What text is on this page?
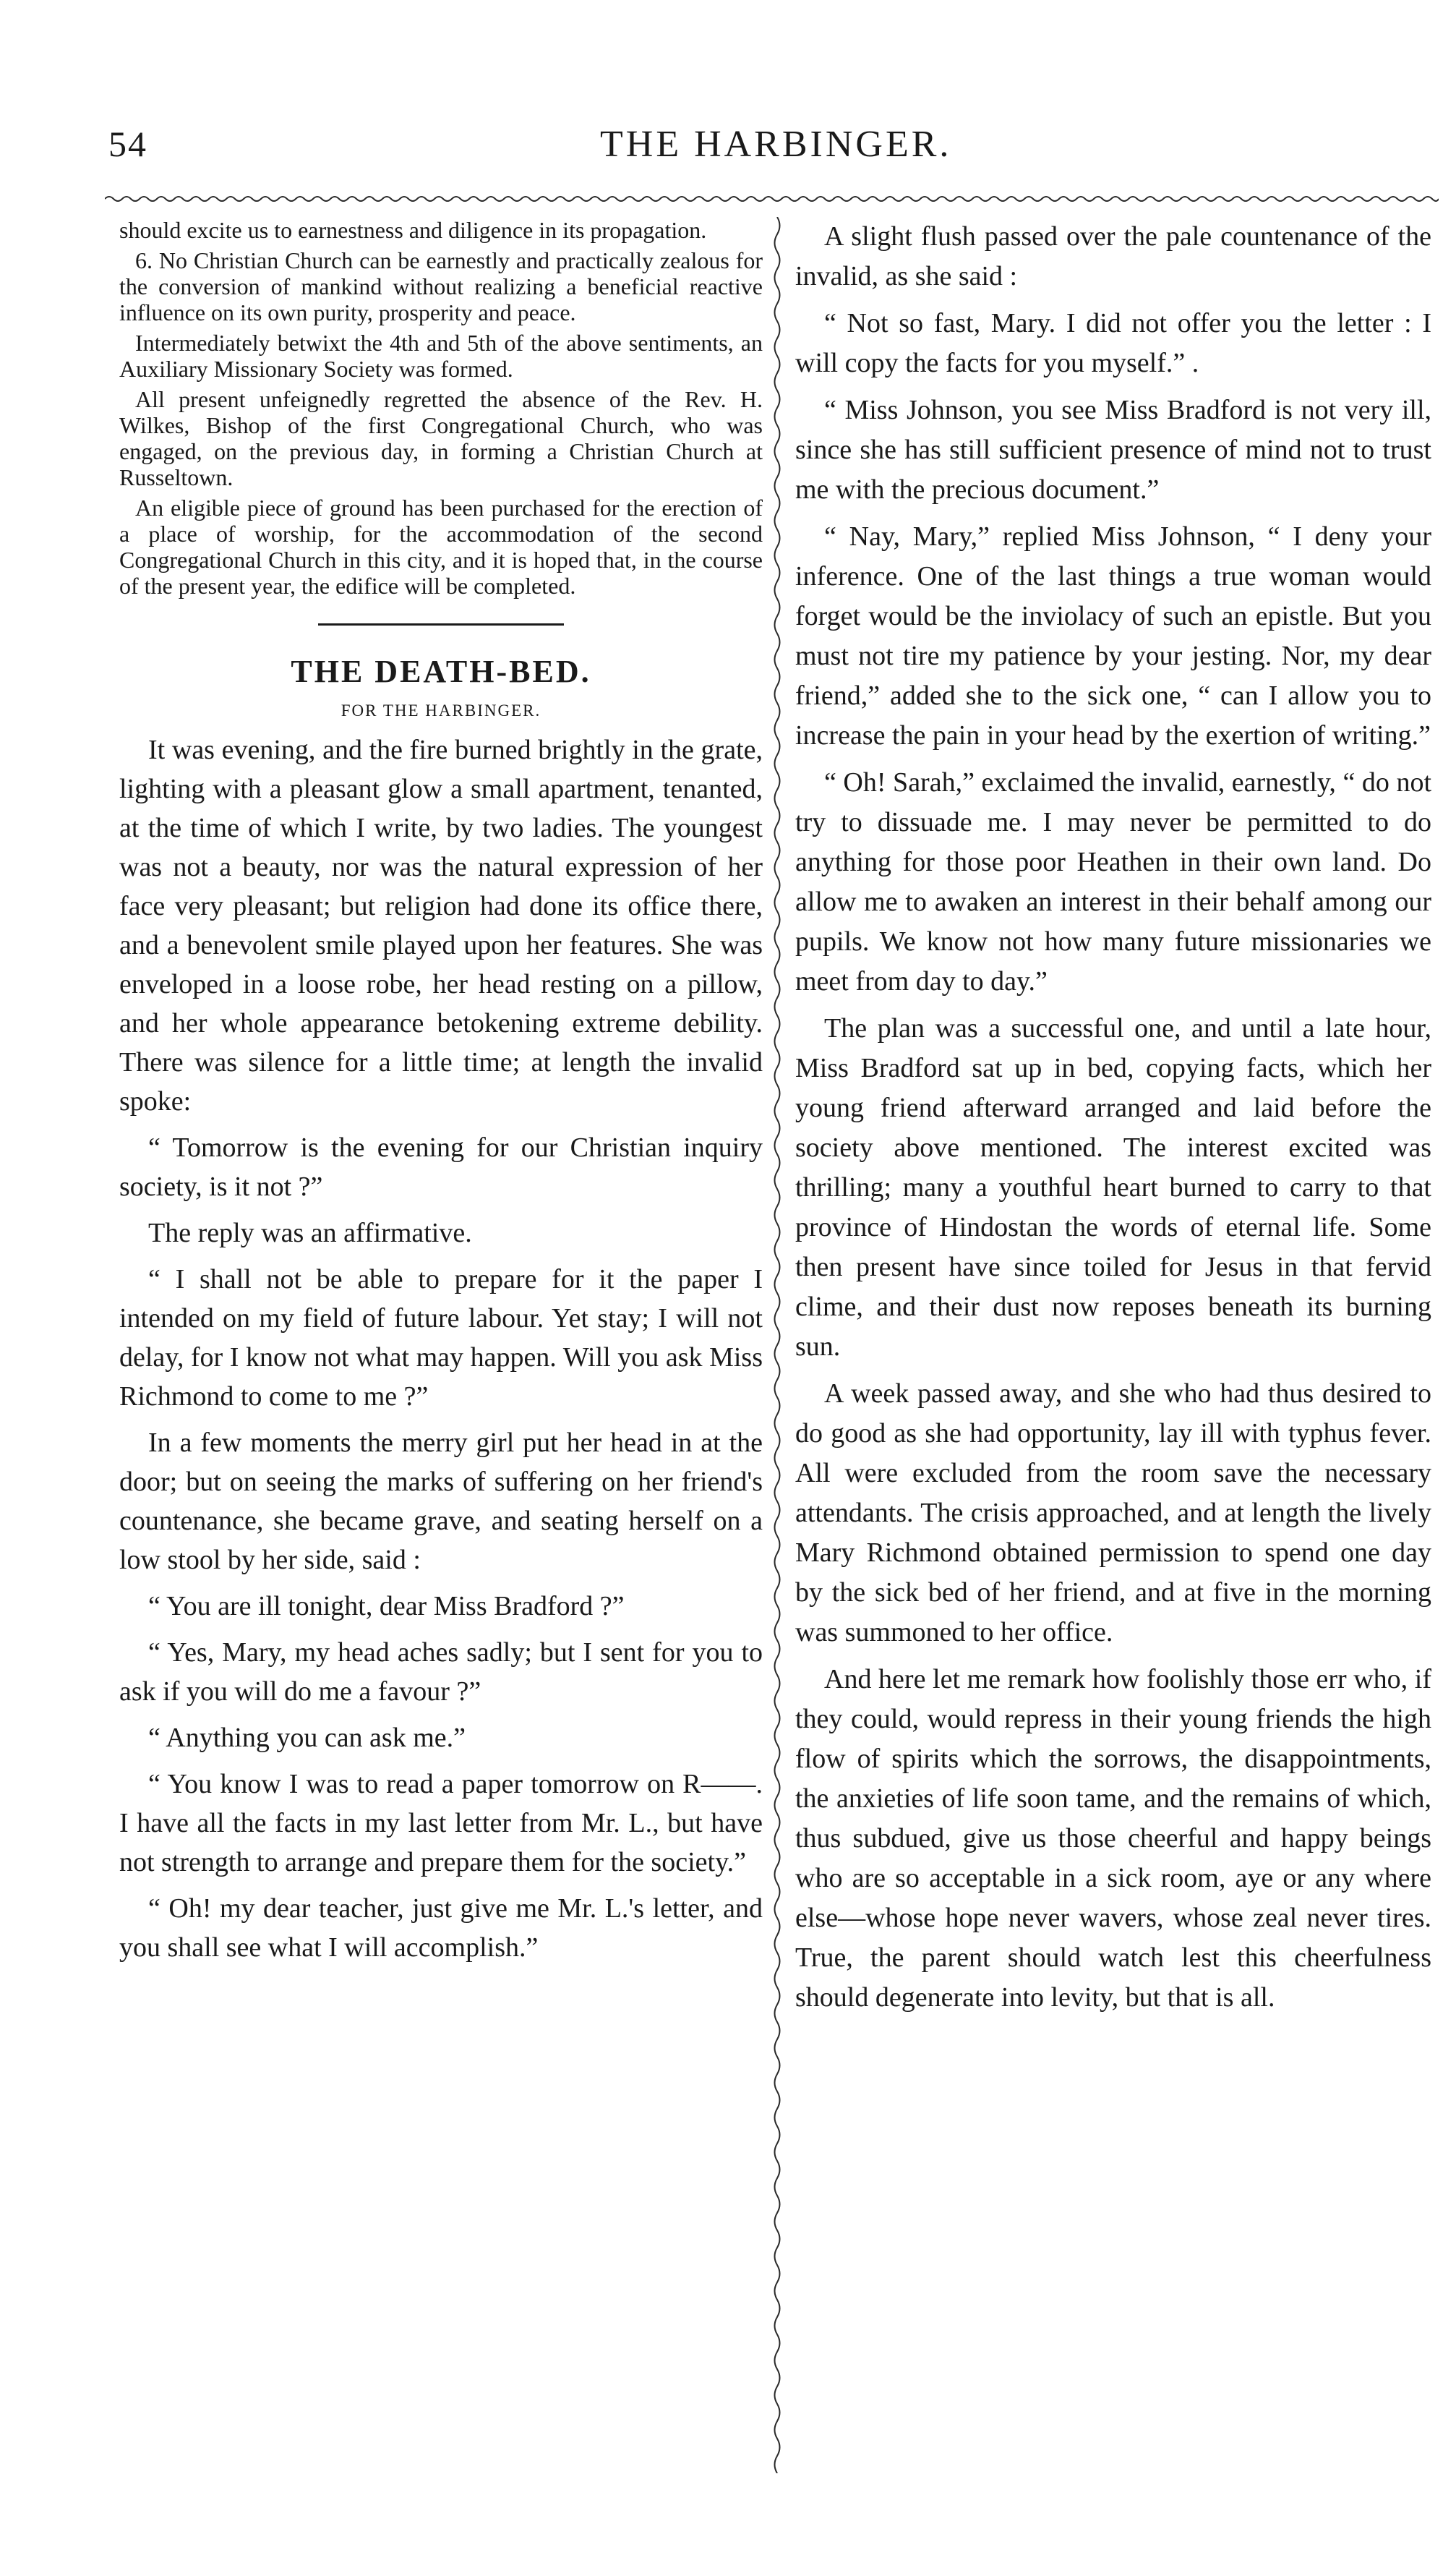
54	THE HARBINGER.

should excite us to earnestness and diligence in its propagation.

6. No Christian Church can be earnestly and practically zealous for the conversion of mankind without realizing a beneficial reactive influence on its own purity, prosperity and peace.

Intermediately betwixt the 4th and 5th of the above sentiments, an Auxiliary Missionary Society was formed.

All present unfeignedly regretted the absence of the Rev. H. Wilkes, Bishop of the first Congregational Church, who was engaged, on the previous day, in forming a Christian Church at Russeltown.

An eligible piece of ground has been purchased for the erection of a place of worship, for the accommodation of the second Congregational Church in this city, and it is hoped that, in the course of the present year, the edifice will be completed.

THE DEATH-BED.
FOR THE HARBINGER.

It was evening, and the fire burned brightly in the grate, lighting with a pleasant glow a small apartment, tenanted, at the time of which I write, by two ladies. The youngest was not a beauty, nor was the natural expression of her face very pleasant; but religion had done its office there, and a benevolent smile played upon her features. She was enveloped in a loose robe, her head resting on a pillow, and her whole appearance betokening extreme debility. There was silence for a little time; at length the invalid spoke:

“ Tomorrow is the evening for our Christian inquiry society, is it not ?”

The reply was an affirmative.

“ I shall not be able to prepare for it the paper I intended on my field of future labour. Yet stay; I will not delay, for I know not what may happen. Will you ask Miss Richmond to come to me ?”

In a few moments the merry girl put her head in at the door; but on seeing the marks of suffering on her friend's countenance, she became grave, and seating herself on a low stool by her side, said :

“ You are ill tonight, dear Miss Bradford ?”

“ Yes, Mary, my head aches sadly; but I sent for you to ask if you will do me a favour ?”

“ Anything you can ask me.”

“ You know I was to read a paper tomorrow on R——. I have all the facts in my last letter from Mr. L., but have not strength to arrange and prepare them for the society.”

“ Oh! my dear teacher, just give me Mr. L.'s letter, and you shall see what I will accomplish.”

A slight flush passed over the pale countenance of the invalid, as she said :

“ Not so fast, Mary. I did not offer you the letter : I will copy the facts for you myself.” .

“ Miss Johnson, you see Miss Bradford is not very ill, since she has still sufficient presence of mind not to trust me with the precious document.”

“ Nay, Mary,” replied Miss Johnson, “ I deny your inference. One of the last things a true woman would forget would be the inviolacy of such an epistle. But you must not tire my patience by your jesting. Nor, my dear friend,” added she to the sick one, “ can I allow you to increase the pain in your head by the exertion of writing.”

“ Oh! Sarah,” exclaimed the invalid, earnestly, “ do not try to dissuade me. I may never be permitted to do anything for those poor Heathen in their own land. Do allow me to awaken an interest in their behalf among our pupils. We know not how many future missionaries we meet from day to day.”

The plan was a successful one, and until a late hour, Miss Bradford sat up in bed, copying facts, which her young friend afterward arranged and laid before the society above mentioned. The interest excited was thrilling; many a youthful heart burned to carry to that province of Hindostan the words of eternal life. Some then present have since toiled for Jesus in that fervid clime, and their dust now reposes beneath its burning sun.

A week passed away, and she who had thus desired to do good as she had opportunity, lay ill with typhus fever. All were excluded from the room save the necessary attendants. The crisis approached, and at length the lively Mary Richmond obtained permission to spend one day by the sick bed of her friend, and at five in the morning was summoned to her office.

And here let me remark how foolishly those err who, if they could, would repress in their young friends the high flow of spirits which the sorrows, the disappointments, the anxieties of life soon tame, and the remains of which, thus subdued, give us those cheerful and happy beings who are so acceptable in a sick room, aye or any where else—whose hope never wavers, whose zeal never tires. True, the parent should watch lest this cheerfulness should degenerate into levity, but that is all.
